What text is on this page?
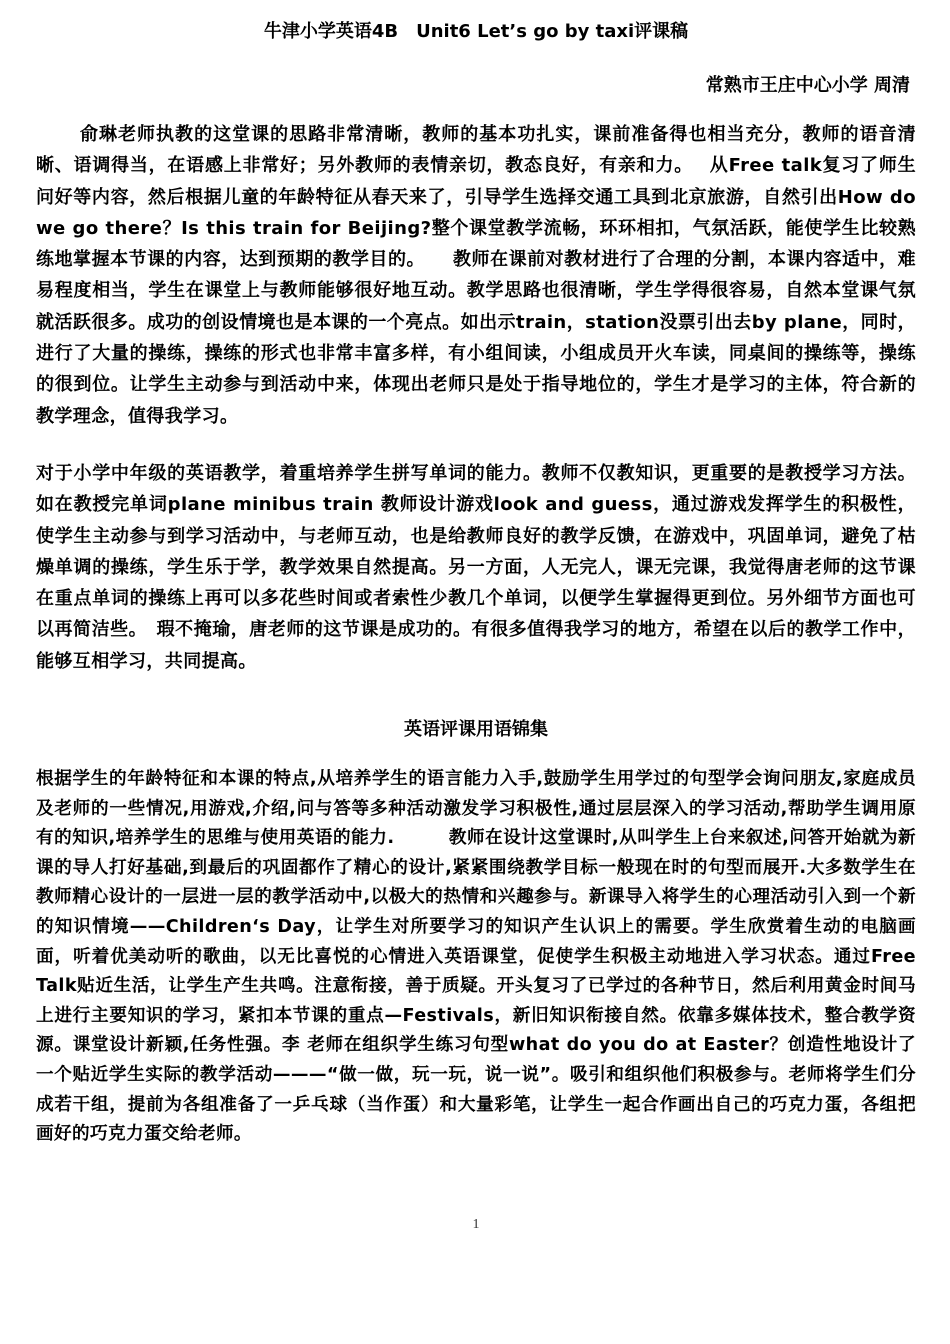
牛津小学英语4B　Unit6 Let’s go by taxi评课稿
常熟市王庄中心小学 周清

俞琳老师执教的这堂课的思路非常清晰，教师的基本功扎实，课前准备得也相当充分，教师的语音清晰、语调得当，在语感上非常好；另外教师的表情亲切，教态良好，有亲和力。　 从Free talk复习了师生问好等内容，然后根据儿童的年龄特征从春天来了，引导学生选择交通工具到北京旅游，自然引出How do we go there？Is this train for Beijing?整个课堂教学流畅，环环相扣，气氛活跃，能使学生比较熟练地掌握本节课的内容，达到预期的教学目的。　　教师在课前对教材进行了合理的分割，本课内容适中，难易程度相当，学生在课堂上与教师能够很好地互动。教学思路也很清晰，学生学得很容易，自然本堂课气氛就活跃很多。成功的创设情境也是本课的一个亮点。如出示train，station没票引出去by plane，同时，进行了大量的操练，操练的形式也非常丰富多样，有小组间读，小组成员开火车读，同桌间的操练等，操练的很到位。让学生主动参与到活动中来，体现出老师只是处于指导地位的，学生才是学习的主体，符合新的教学理念，值得我学习。

对于小学中年级的英语教学，着重培养学生拼写单词的能力。教师不仅教知识，更重要的是教授学习方法。如在教授完单词plane minibus train 教师设计游戏look and guess，通过游戏发挥学生的积极性，使学生主动参与到学习活动中，与老师互动，也是给教师良好的教学反馈，在游戏中，巩固单词，避免了枯燥单调的操练，学生乐于学，教学效果自然提高。另一方面，人无完人，课无完课，我觉得唐老师的这节课在重点单词的操练上再可以多花些时间或者索性少教几个单词，以便学生掌握得更到位。另外细节方面也可以再简洁些。　瑕不掩瑜，唐老师的这节课是成功的。有很多值得我学习的地方，希望在以后的教学工作中，能够互相学习，共同提高。

英语评课用语锦集

根据学生的年龄特征和本课的特点,从培养学生的语言能力入手,鼓励学生用学过的句型学会询问朋友,家庭成员及老师的一些情况,用游戏,介绍,问与答等多种活动激发学习积极性,通过层层深入的学习活动,帮助学生调用原有的知识,培养学生的思维与使用英语的能力.　　　教师在设计这堂课时,从叫学生上台来叙述,问答开始就为新课的导人打好基础,到最后的巩固都作了精心的设计,紧紧围绕教学目标一般现在时的句型而展开.大多数学生在教师精心设计的一层进一层的教学活动中,以极大的热情和兴趣参与。新课导入将学生的心理活动引入到一个新的知识情境——Children‘s Day，让学生对所要学习的知识产生认识上的需要。学生欣赏着生动的电脑画面，听着优美动听的歌曲，以无比喜悦的心情进入英语课堂，促使学生积极主动地进入学习状态。通过Free Talk贴近生活，让学生产生共鸣。注意衔接，善于质疑。开头复习了已学过的各种节日，然后利用黄金时间马上进行主要知识的学习，紧扣本节课的重点—Festivals，新旧知识衔接自然。依靠多媒体技术，整合教学资源。课堂设计新颖,任务性强。李 老师在组织学生练习句型what do you do at Easter？创造性地设计了一个贴近学生实际的教学活动———“做一做，玩一玩，说一说”。吸引和组织他们积极参与。老师将学生们分成若干组，提前为各组准备了一乒乓球（当作蛋）和大量彩笔，让学生一起合作画出自己的巧克力蛋，各组把画好的巧克力蛋交给老师。

1
